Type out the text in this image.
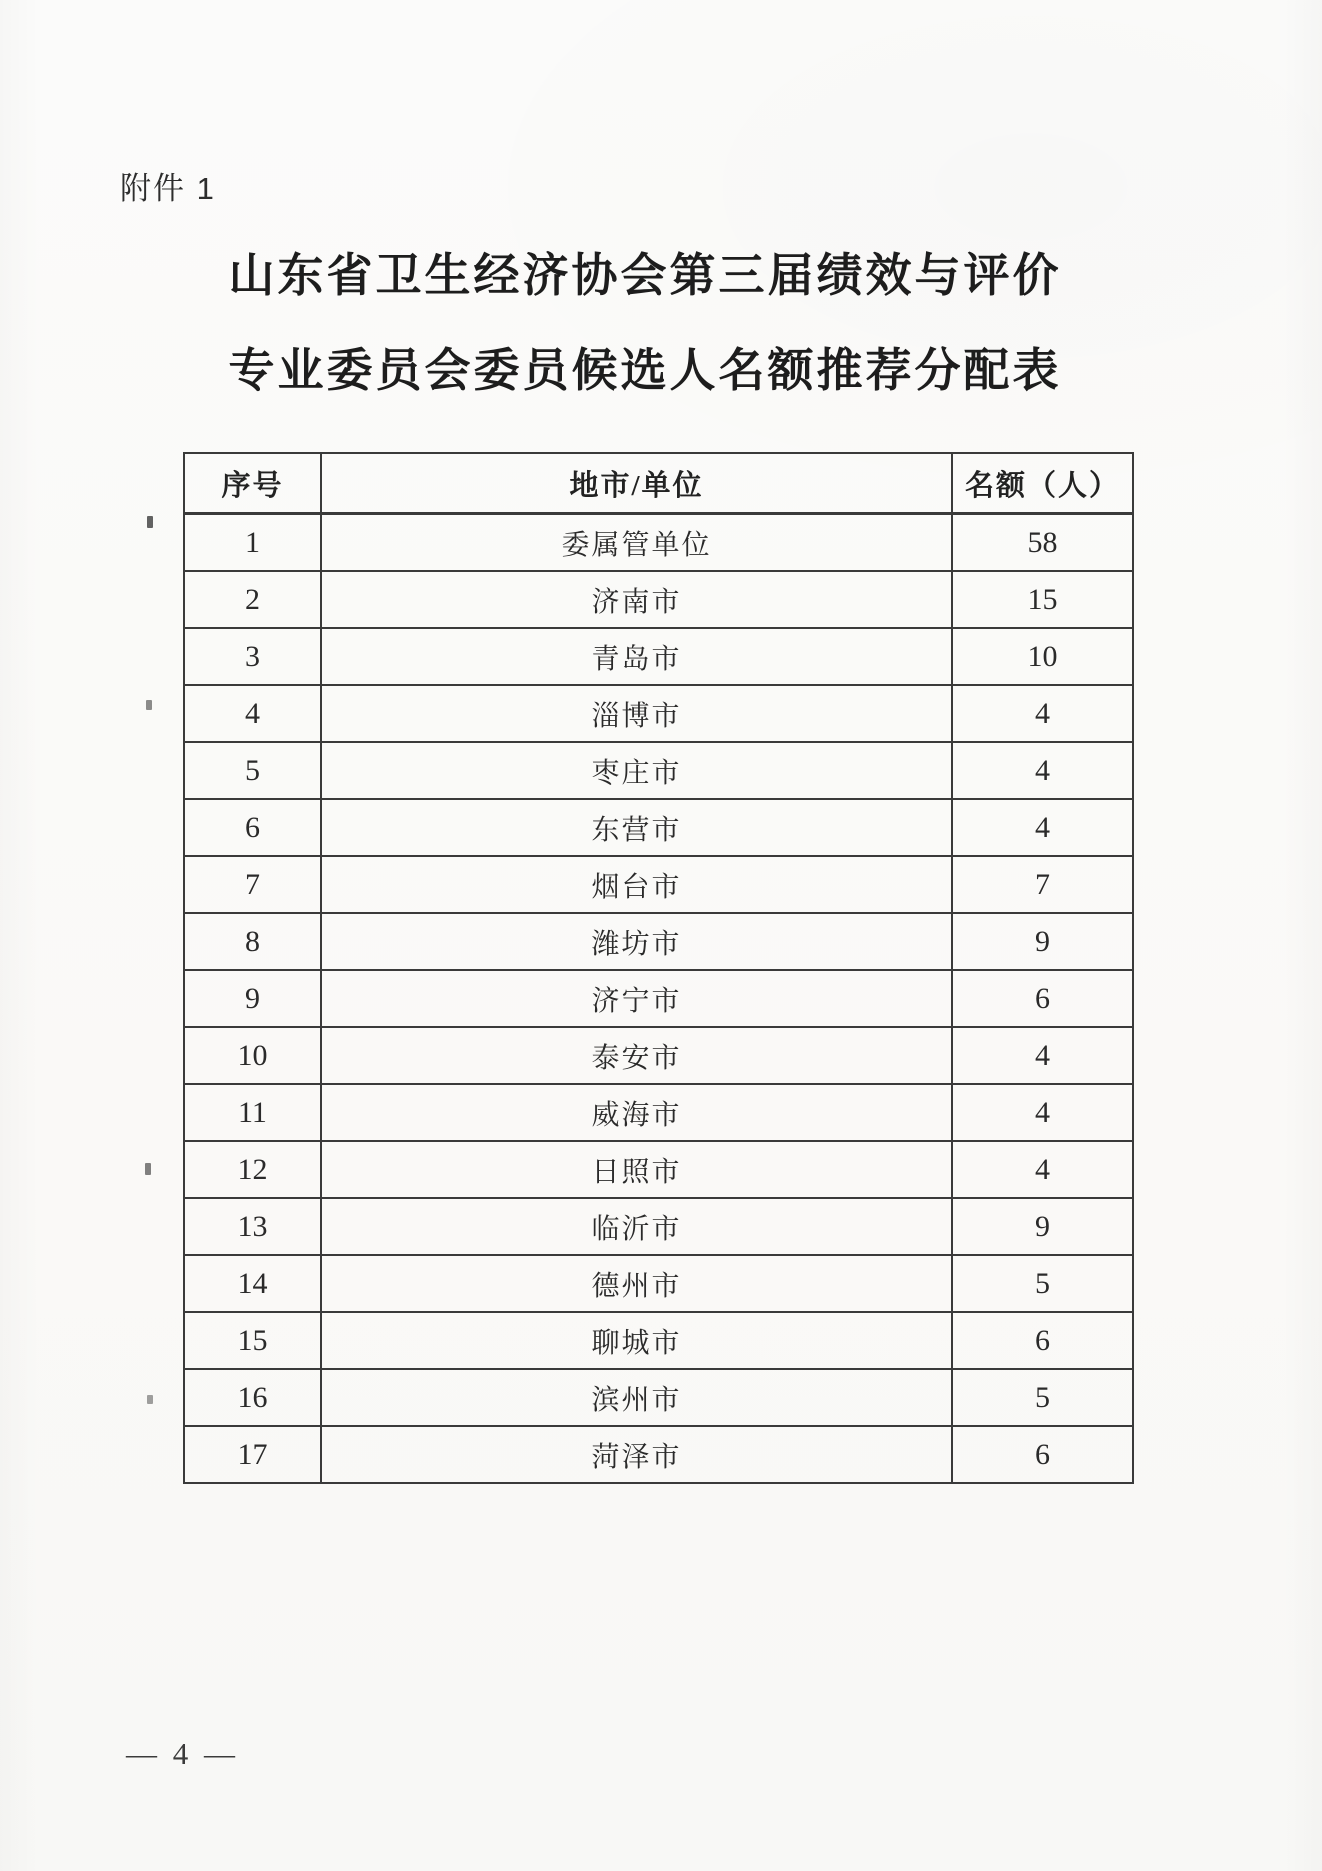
附件 1
山东省卫生经济协会第三届绩效与评价
专业委员会委员候选人名额推荐分配表
序号	地市/单位	名额（人）
1	委属管单位	58
2	济南市	15
3	青岛市	10
4	淄博市	4
5	枣庄市	4
6	东营市	4
7	烟台市	7
8	潍坊市	9
9	济宁市	6
10	泰安市	4
11	威海市	4
12	日照市	4
13	临沂市	9
14	德州市	5
15	聊城市	6
16	滨州市	5
17	菏泽市	6
— 4 —
